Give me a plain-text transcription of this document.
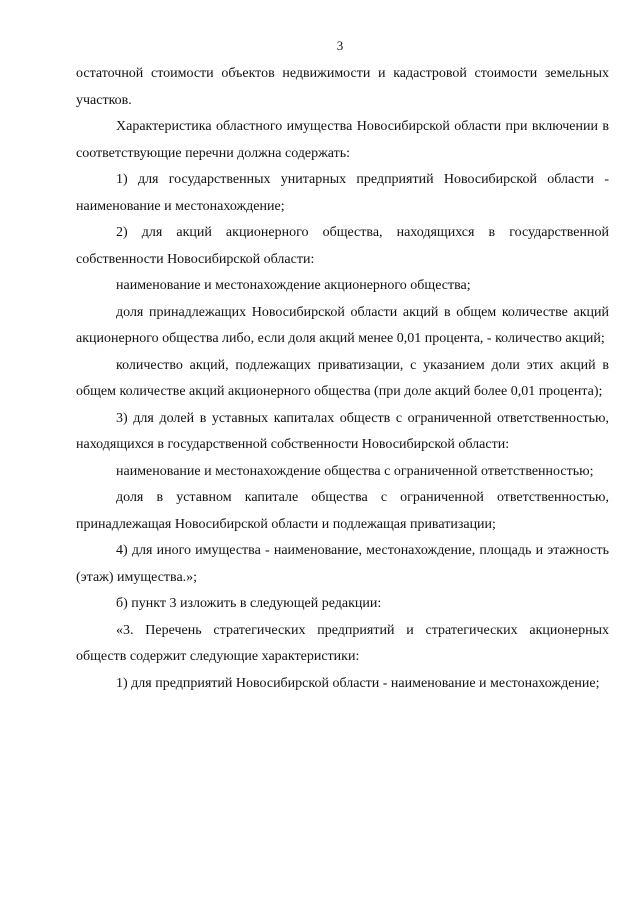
3

остаточной стоимости объектов недвижимости и кадастровой стоимости земельных участков.

Характеристика областного имущества Новосибирской области при включении в соответствующие перечни должна содержать:

1) для государственных унитарных предприятий Новосибирской области - наименование и местонахождение;

2) для акций акционерного общества, находящихся в государственной собственности Новосибирской области:

наименование и местонахождение акционерного общества;

доля принадлежащих Новосибирской области акций в общем количестве акций акционерного общества либо, если доля акций менее 0,01 процента, - количество акций;

количество акций, подлежащих приватизации, с указанием доли этих акций в общем количестве акций акционерного общества (при доле акций более 0,01 процента);

3) для долей в уставных капиталах обществ с ограниченной ответственностью, находящихся в государственной собственности Новосибирской области:

наименование и местонахождение общества с ограниченной ответственностью;

доля в уставном капитале общества с ограниченной ответственностью, принадлежащая Новосибирской области и подлежащая приватизации;

4) для иного имущества - наименование, местонахождение, площадь и этажность (этаж) имущества.»;

б) пункт 3 изложить в следующей редакции:

«3. Перечень стратегических предприятий и стратегических акционерных обществ содержит следующие характеристики:

1) для предприятий Новосибирской области - наименование и местонахождение;
